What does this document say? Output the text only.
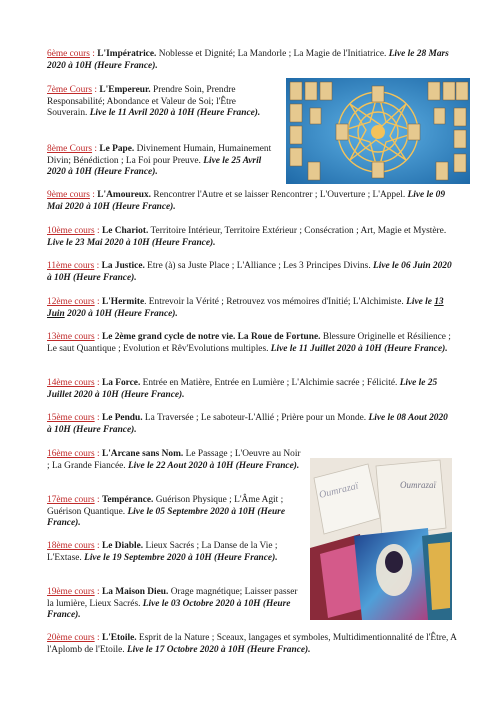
6ème cours : L'Impératrice. Noblesse et Dignité; La Mandorle ; La Magie de l'Initiatrice. Live le 28 Mars 2020 à 10H (Heure France).
7ème Cours : L'Empereur. Prendre Soin, Prendre Responsabilité; Abondance et Valeur de Soi; l'Être Souverain. Live le 11 Avril 2020 à 10H (Heure France).
8ème Cours : Le Pape. Divinement Humain, Humainement Divin; Bénédiction ; La Foi pour Preuve. Live le 25 Avril 2020 à 10H (Heure France).
9ème cours : L'Amoureux. Rencontrer l'Autre et se laisser Rencontrer ; L'Ouverture ; L'Appel. Live le 09 Mai 2020 à 10H (Heure France).
10ème cours : Le Chariot. Territoire Intérieur, Territoire Extérieur ; Consécration ; Art, Magie et Mystère. Live le 23 Mai 2020 à 10H (Heure France).
11ème cours : La Justice. Etre (à) sa Juste Place ; L'Alliance ; Les 3 Principes Divins. Live le 06 Juin 2020 à 10H (Heure France).
12ème cours : L'Hermite. Entrevoir la Vérité ; Retrouvez vos mémoires d'Initié; L'Alchimiste. Live le 13 Juin 2020 à 10H (Heure France).
13ème cours : Le 2ème grand cycle de notre vie. La Roue de Fortune. Blessure Originelle et Résilience ; Le saut Quantique ; Evolution et Rêv'Evolutions multiples. Live le 11 Juillet 2020 à 10H (Heure France).
14ème cours : La Force. Entrée en Matière, Entrée en Lumière ; L'Alchimie sacrée ; Félicité. Live le 25 Juillet 2020 à 10H (Heure France).
15ème cours : Le Pendu. La Traversée ; Le saboteur-L'Allié ; Prière pour un Monde. Live le 08 Aout 2020 à 10H (Heure France).
16ème cours : L'Arcane sans Nom. Le Passage ; L'Oeuvre au Noir ; La Grande Fiancée. Live le 22 Aout 2020 à 10H (Heure France).
17ème cours : Tempérance. Guérison Physique ; L'Âme Agit ; Guérison Quantique. Live le 05 Septembre 2020 à 10H (Heure France).
18ème cours : Le Diable. Lieux Sacrés ; La Danse de la Vie ; L'Extase. Live le 19 Septembre 2020 à 10H (Heure France).
19ème cours : La Maison Dieu. Orage magnétique; Laisser passer la lumière, Lieux Sacrés. Live le 03 Octobre 2020 à 10H (Heure France).
20ème cours : L'Etoile. Esprit de la Nature ; Sceaux, langages et symboles, Multidimentionnalité de l'Être, A l'Aplomb de l'Etoile. Live le 17 Octobre 2020 à 10H (Heure France).
Oumrazaï
Oumrazaï
